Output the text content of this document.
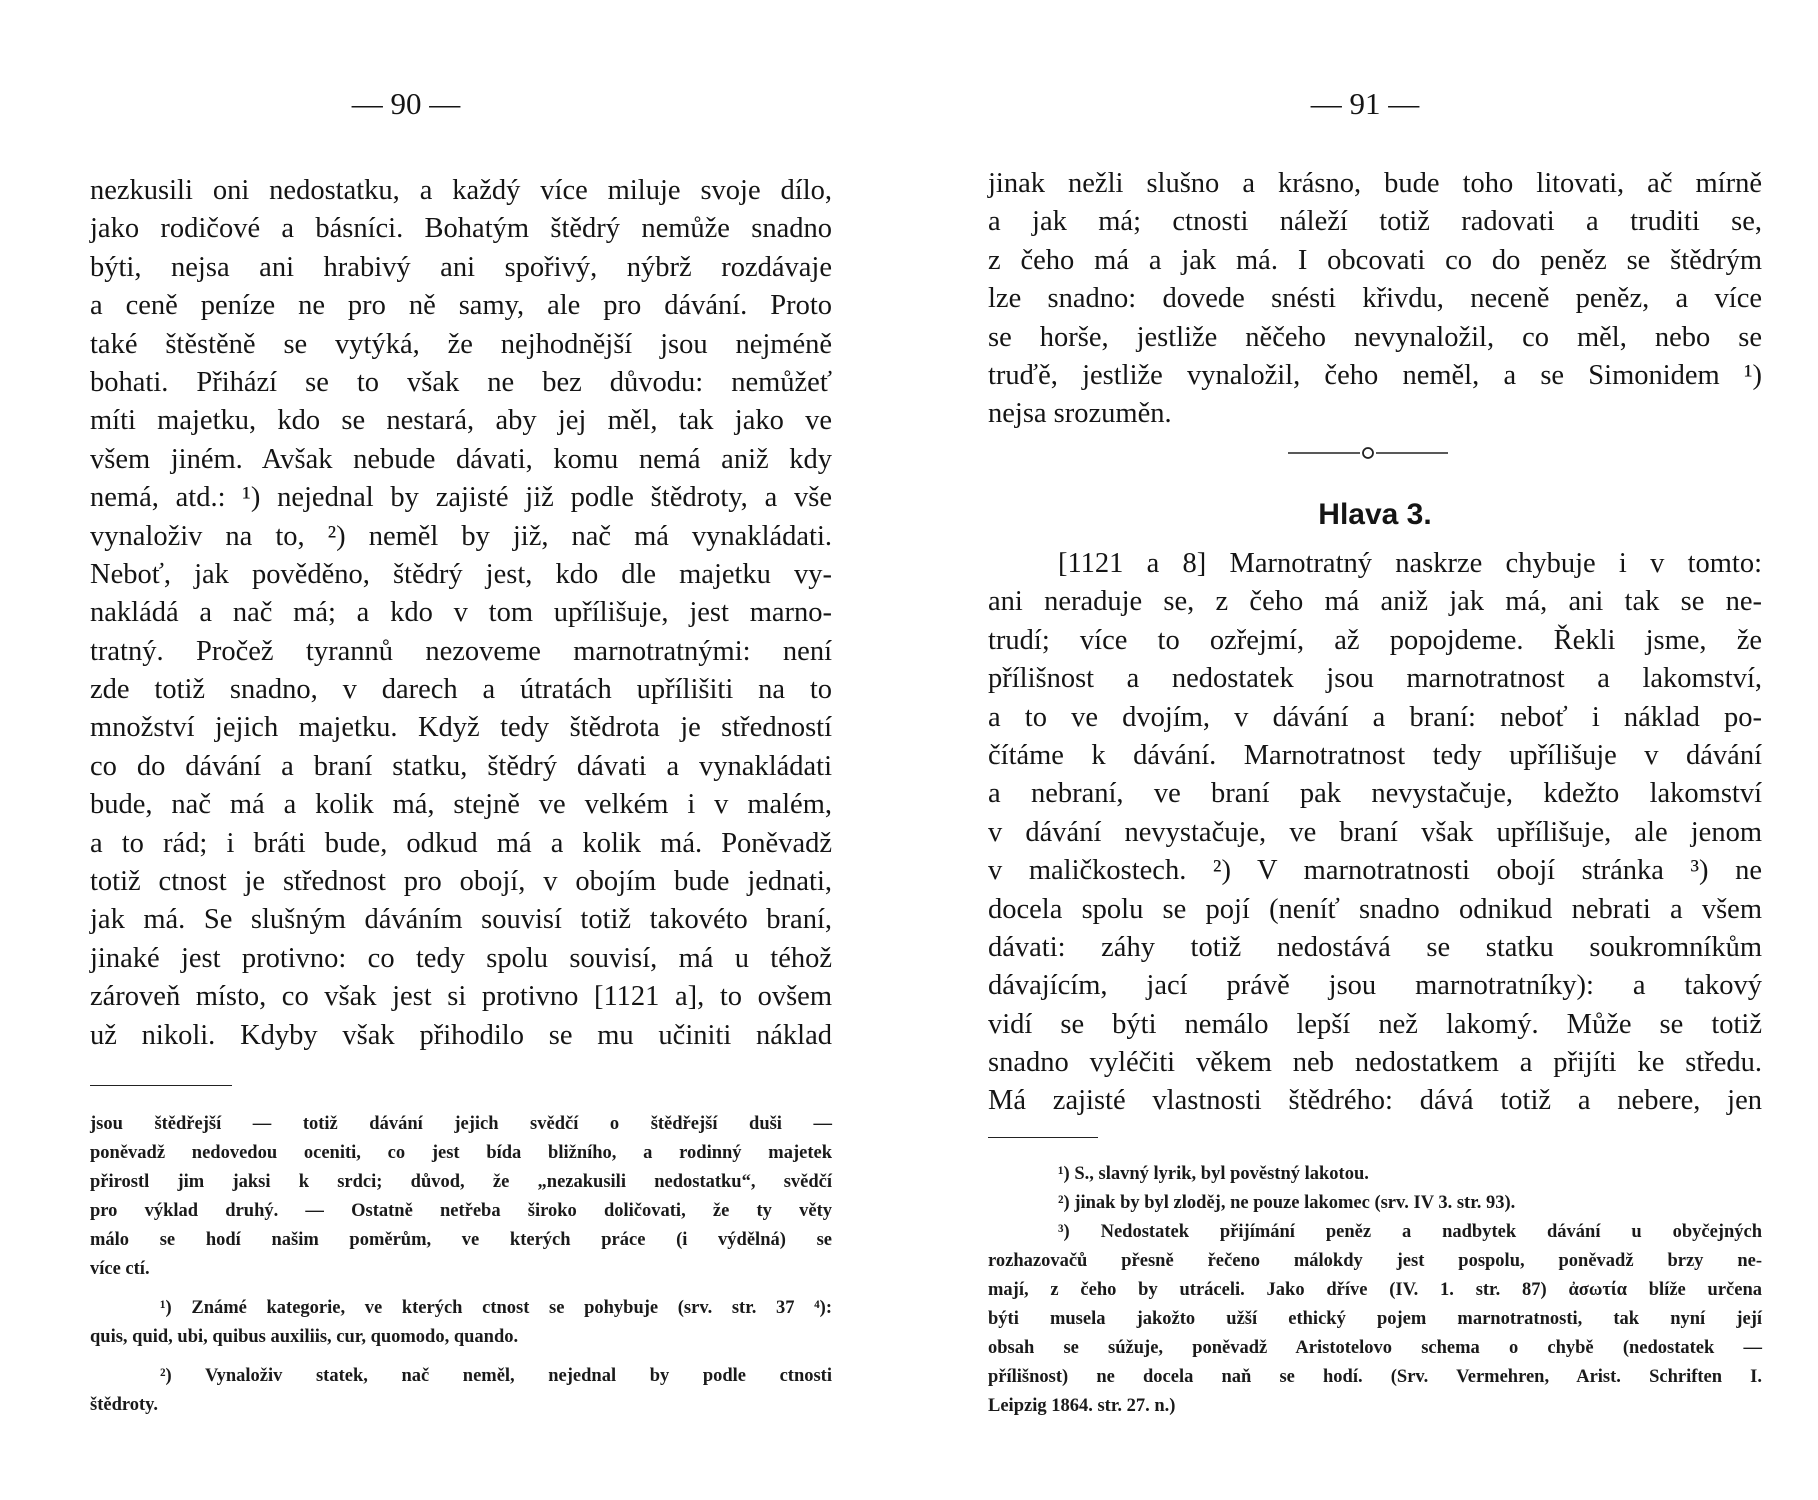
— 90 —
nezkusili oni nedostatku, a každý více miluje svoje dílo,
jako rodičové a básníci. Bohatým štědrý nemůže snadno
býti, nejsa ani hrabivý ani spořivý, nýbrž rozdávaje
a ceně peníze ne pro ně samy, ale pro dávání. Proto
také štěstěně se vytýká, že nejhodnější jsou nejméně
bohati. Přihází se to však ne bez důvodu: nemůžeť
míti majetku, kdo se nestará, aby jej měl, tak jako ve
všem jiném. Avšak nebude dávati, komu nemá aniž kdy
nemá, atd.: ¹) nejednal by zajisté již podle štědroty, a vše
vynaloživ na to, ²) neměl by již, nač má vynakládati.
Neboť, jak pověděno, štědrý jest, kdo dle majetku vy-
nakládá a nač má; a kdo v tom upřílišuje, jest marno-
tratný. Pročež tyrannů nezoveme marnotratnými: není
zde totiž snadno, v darech a útratách upřílišiti na to
množství jejich majetku. Když tedy štědrota je středností
co do dávání a braní statku, štědrý dávati a vynakládati
bude, nač má a kolik má, stejně ve velkém i v malém,
a to rád; i bráti bude, odkud má a kolik má. Poněvadž
totiž ctnost je střednost pro obojí, v obojím bude jednati,
jak má. Se slušným dáváním souvisí totiž takovéto braní,
jinaké jest protivno: co tedy spolu souvisí, má u téhož
zároveň místo, co však jest si protivno [1121 a], to ovšem
už nikoli. Kdyby však přihodilo se mu učiniti náklad
jsou štědřejší — totiž dávání jejich svědčí o štědřejší duši —
poněvadž nedovedou oceniti, co jest bída bližního, a rodinný majetek
přirostl jim jaksi k srdci; důvod, že „nezakusili nedostatku“, svědčí
pro výklad druhý. — Ostatně netřeba široko doličovati, že ty věty
málo se hodí našim poměrům, ve kterých práce (i výdělná) se
více ctí.
¹) Známé kategorie, ve kterých ctnost se pohybuje (srv. str. 37 ⁴):
quis, quid, ubi, quibus auxiliis, cur, quomodo, quando.
²) Vynaloživ statek, nač neměl, nejednal by podle ctnosti
štědroty.
— 91 —
jinak nežli slušno a krásno, bude toho litovati, ač mírně
a jak má; ctnosti náleží totiž radovati a truditi se,
z čeho má a jak má. I obcovati co do peněz se štědrým
lze snadno: dovede snésti křivdu, neceně peněz, a více
se horše, jestliže něčeho nevynaložil, co měl, nebo se
truďě, jestliže vynaložil, čeho neměl, a se Simonidem ¹)
nejsa srozuměn.
Hlava 3.
[1121 a 8] Marnotratný naskrze chybuje i v tomto:
ani neraduje se, z čeho má aniž jak má, ani tak se ne-
trudí; více to ozřejmí, až popojdeme. Řekli jsme, že
přílišnost a nedostatek jsou marnotratnost a lakomství,
a to ve dvojím, v dávání a braní: neboť i náklad po-
čítáme k dávání. Marnotratnost tedy upřílišuje v dávání
a nebraní, ve braní pak nevystačuje, kdežto lakomství
v dávání nevystačuje, ve braní však upřílišuje, ale jenom
v maličkostech. ²) V marnotratnosti obojí stránka ³) ne
docela spolu se pojí (neníť snadno odnikud nebrati a všem
dávati: záhy totiž nedostává se statku soukromníkům
dávajícím, jací právě jsou marnotratníky): a takový
vidí se býti nemálo lepší než lakomý. Může se totiž
snadno vyléčiti věkem neb nedostatkem a přijíti ke středu.
Má zajisté vlastnosti štědrého: dává totiž a nebere, jen
¹) S., slavný lyrik, byl pověstný lakotou.
²) jinak by byl zloděj, ne pouze lakomec (srv. IV 3. str. 93).
³) Nedostatek přijímání peněz a nadbytek dávání u obyčejných
rozhazovačů přesně řečeno málokdy jest pospolu, poněvadž brzy ne-
mají, z čeho by utráceli. Jako dříve (IV. 1. str. 87) ἀσωτία blíže určena
býti musela jakožto užší ethický pojem marnotratnosti, tak nyní její
obsah se súžuje, poněvadž Aristotelovo schema o chybě (nedostatek —
přílišnost) ne docela naň se hodí. (Srv. Vermehren, Arist. Schriften I.
Leipzig 1864. str. 27. n.)
